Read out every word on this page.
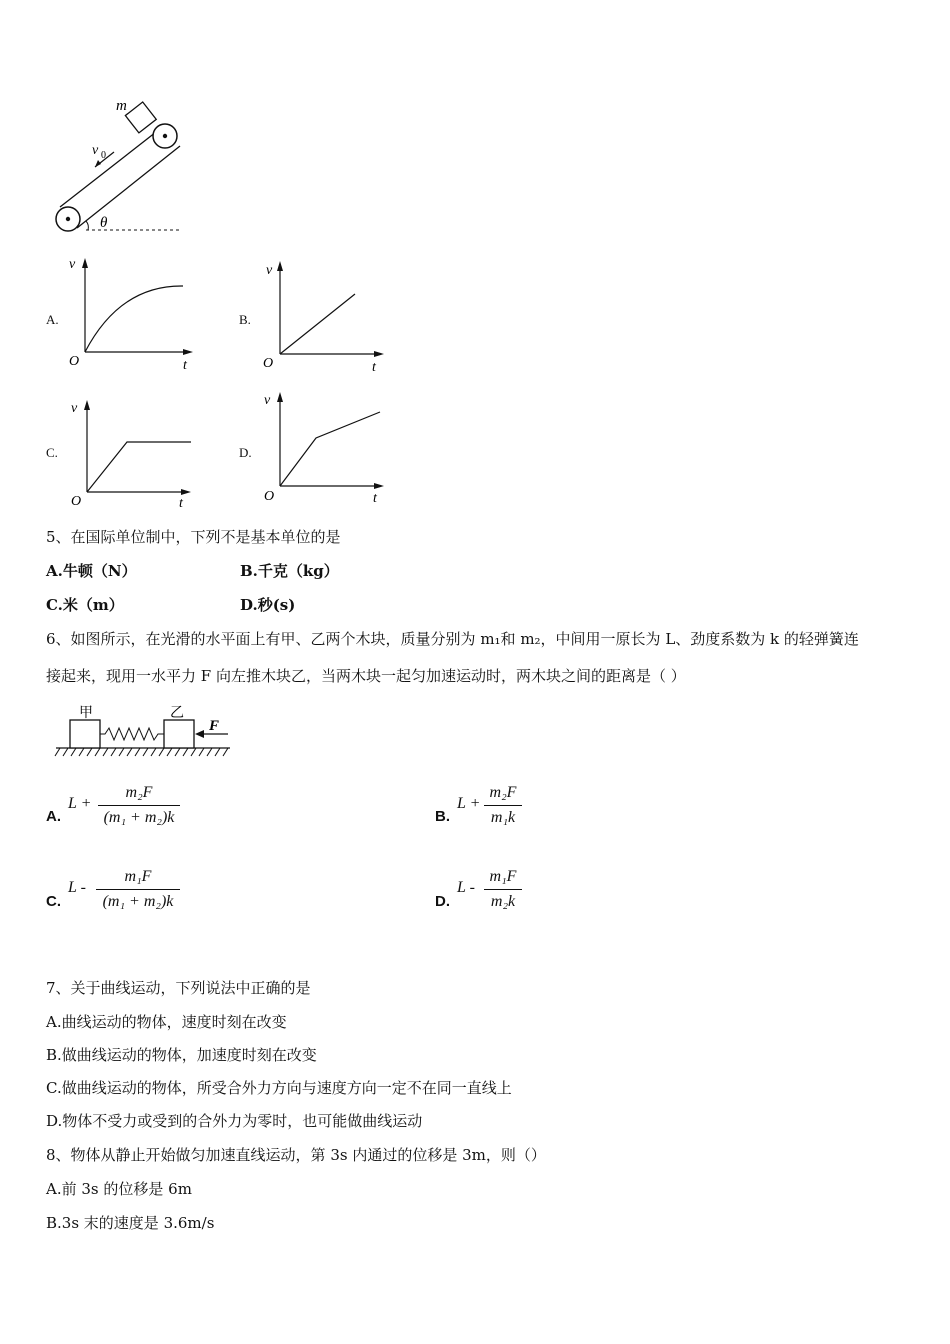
m
v 0
θ
A.
v
O	t
B.
v
O	t
C.
v
O	t
D.
v
O	t
5、在国际单位制中，下列不是基本单位的是
A.牛顿（N）	B.千克（kg）
C.米（m）	D.秒(s)
6、如图所示，在光滑的水平面上有甲、乙两个木块，质量分别为 m₁和 m₂，中间用一原长为 L、劲度系数为 k 的轻弹簧连
接起来，现用一水平力 F 向左推木块乙，当两木块一起匀加速运动时，两木块之间的距离是（ ）
甲	乙
F
A.
L +
m₂F
(m₁ + m₂)k	B.
L +
m₂F
m₁k
C.
L -
m₁F
(m₁ + m₂)k	D.
L -
m₁F
m₂k
7、关于曲线运动，下列说法中正确的是
A.曲线运动的物体，速度时刻在改变
B.做曲线运动的物体，加速度时刻在改变
C.做曲线运动的物体，所受合外力方向与速度方向一定不在同一直线上
D.物体不受力或受到的合外力为零时，也可能做曲线运动
8、物体从静止开始做匀加速直线运动，第 3s 内通过的位移是 3m，则（）
A.前 3s 的位移是 6m
B.3s 末的速度是 3.6m/s
